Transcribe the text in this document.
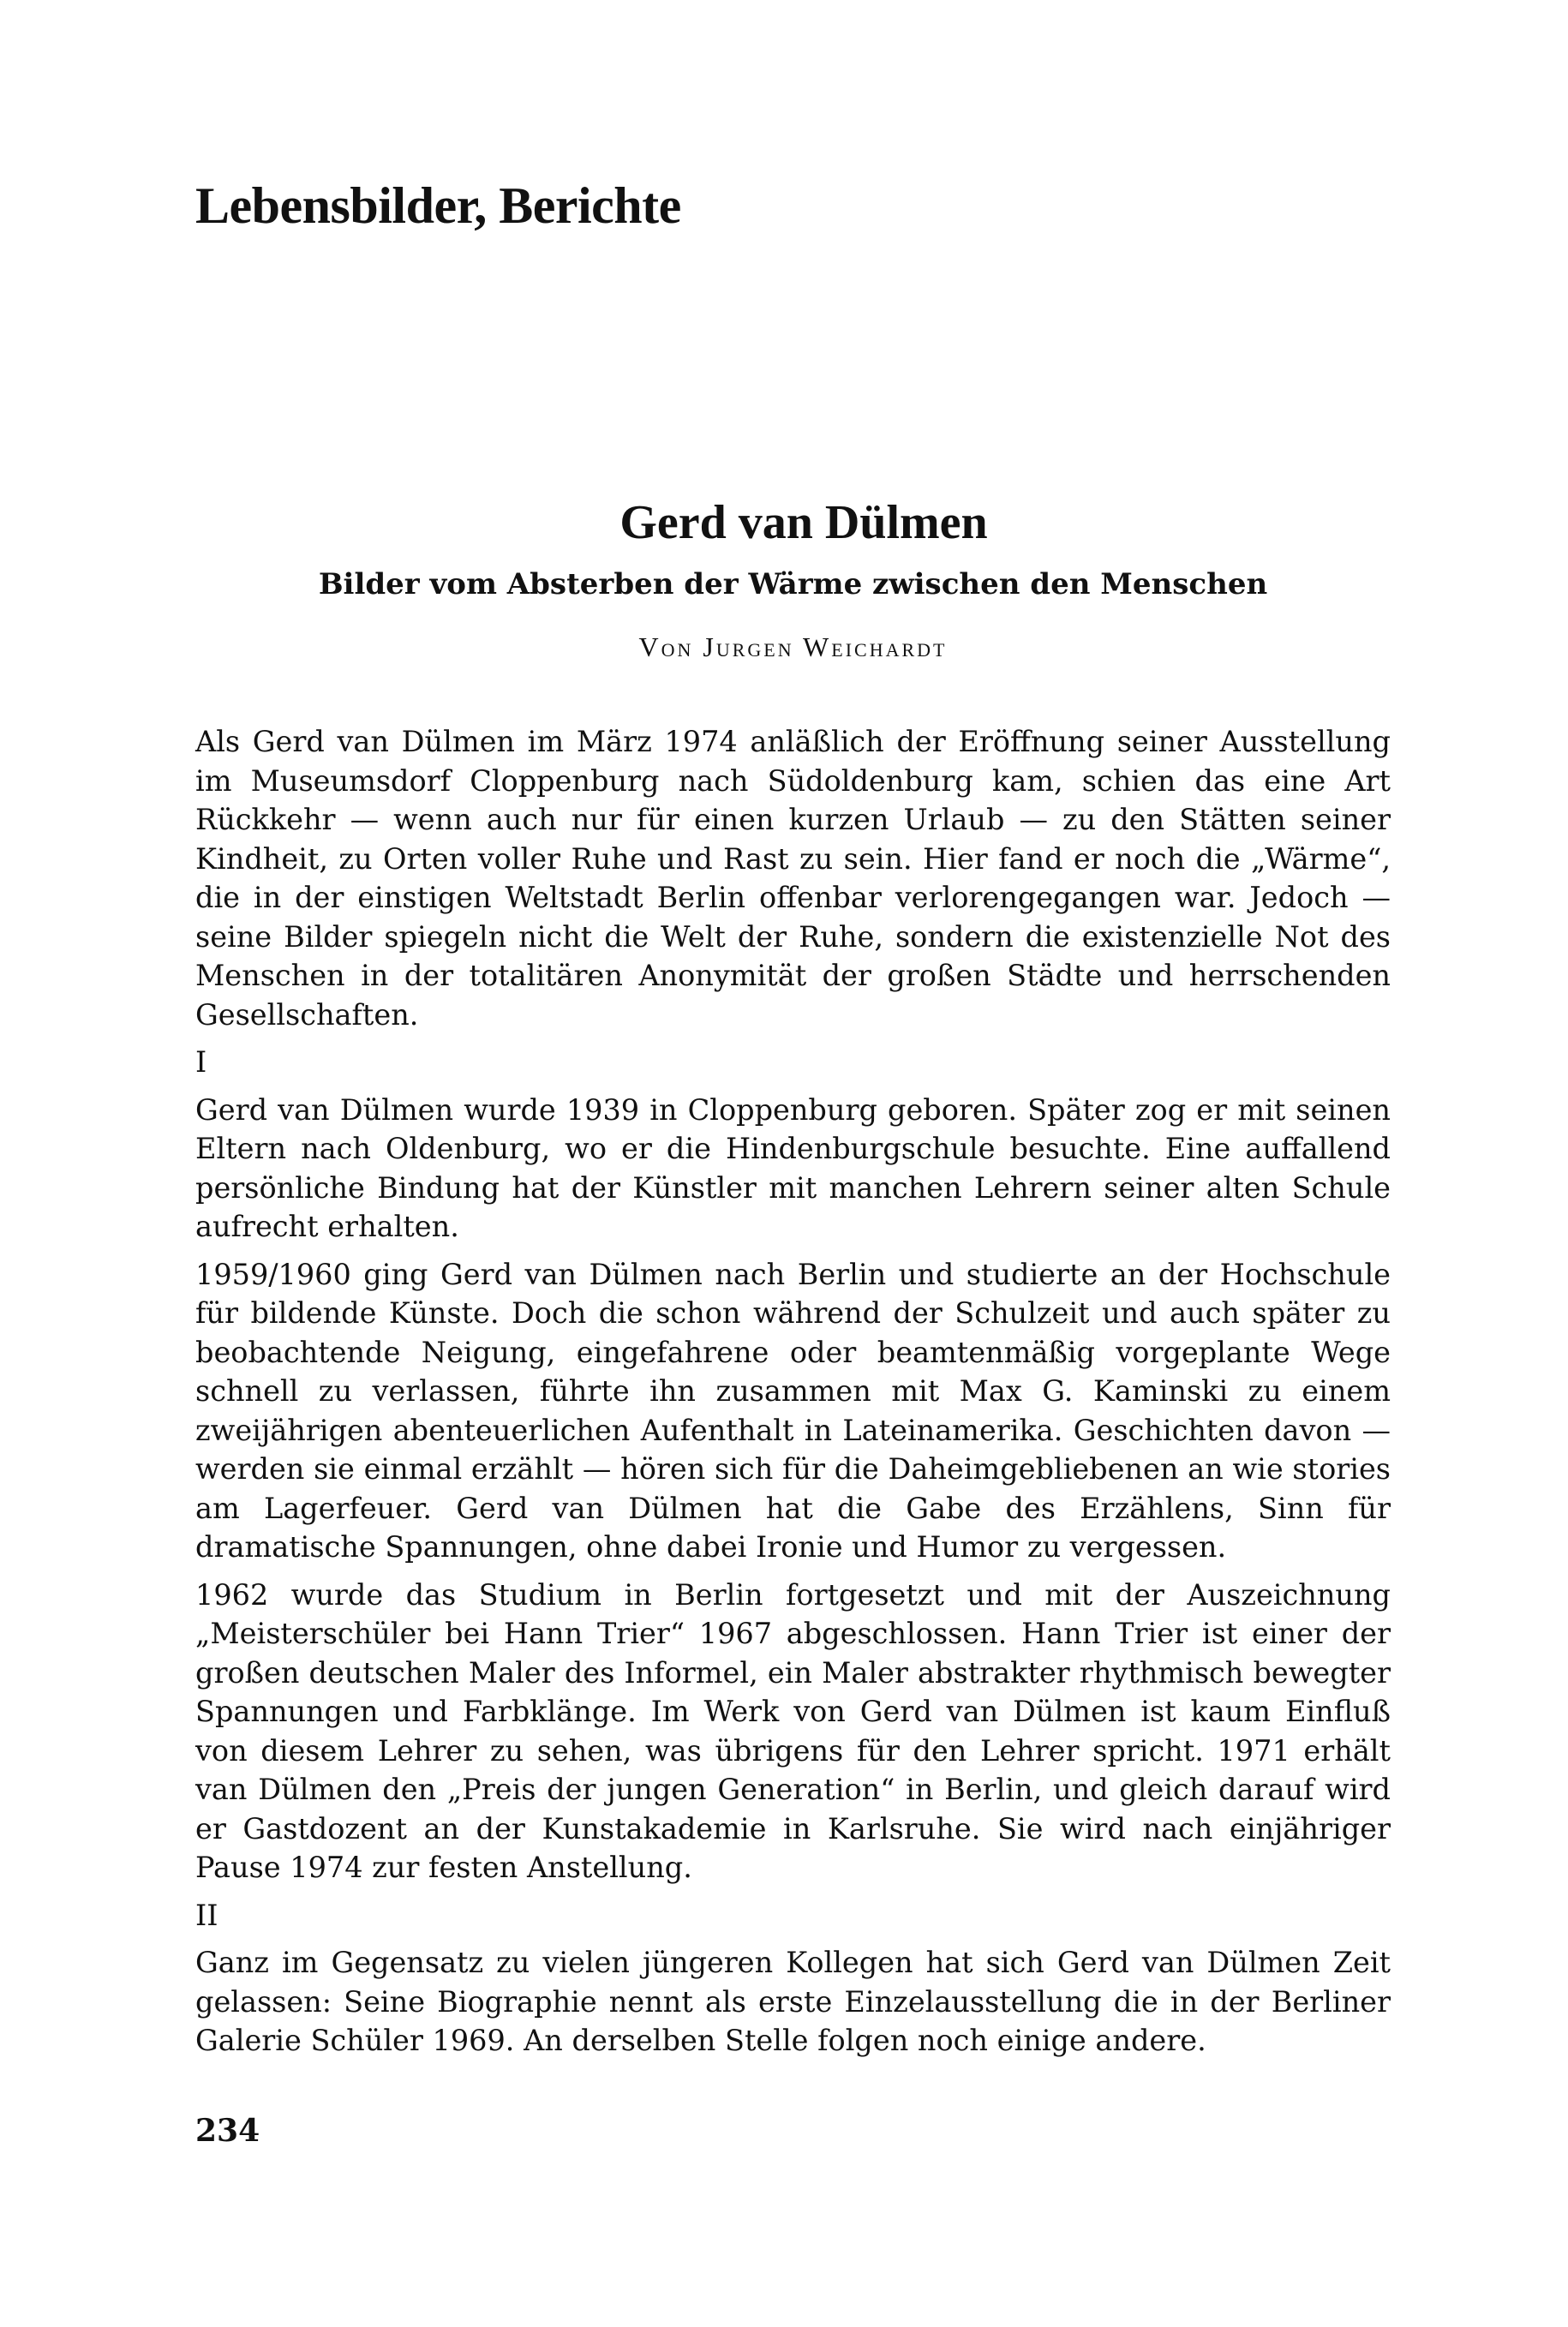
Lebensbilder, Berichte
Gerd van Dülmen

Bilder vom Absterben der Wärme zwischen den Menschen

Von Jurgen Weichardt

Als Gerd van Dülmen im März 1974 anläßlich der Eröffnung seiner Ausstellung im Museumsdorf Cloppenburg nach Südoldenburg kam, schien das eine Art Rückkehr — wenn auch nur für einen kurzen Urlaub — zu den Stätten seiner Kindheit, zu Orten voller Ruhe und Rast zu sein. Hier fand er noch die „Wärme“, die in der einstigen Weltstadt Berlin offenbar verlorengegangen war. Jedoch — seine Bilder spiegeln nicht die Welt der Ruhe, sondern die existenzielle Not des Menschen in der totalitären Anonymität der großen Städte und herrschenden Gesellschaften.

I

Gerd van Dülmen wurde 1939 in Cloppenburg geboren. Später zog er mit seinen Eltern nach Oldenburg, wo er die Hindenburgschule besuchte. Eine auffallend persönliche Bindung hat der Künstler mit manchen Lehrern seiner alten Schule aufrecht erhalten.

1959/1960 ging Gerd van Dülmen nach Berlin und studierte an der Hochschule für bildende Künste. Doch die schon während der Schulzeit und auch später zu beobachtende Neigung, eingefahrene oder beamtenmäßig vorgeplante Wege schnell zu verlassen, führte ihn zusammen mit Max G. Kaminski zu einem zweijährigen abenteuerlichen Aufenthalt in Lateinamerika. Geschichten davon — werden sie einmal erzählt — hören sich für die Daheimgebliebenen an wie stories am Lagerfeuer. Gerd van Dülmen hat die Gabe des Erzählens, Sinn für dramatische Spannungen, ohne dabei Ironie und Humor zu vergessen.

1962 wurde das Studium in Berlin fortgesetzt und mit der Auszeichnung „Meisterschüler bei Hann Trier“ 1967 abgeschlossen. Hann Trier ist einer der großen deutschen Maler des Informel, ein Maler abstrakter rhythmisch bewegter Spannungen und Farbklänge. Im Werk von Gerd van Dülmen ist kaum Einfluß von diesem Lehrer zu sehen, was übrigens für den Lehrer spricht. 1971 erhält van Dülmen den „Preis der jungen Generation“ in Berlin, und gleich darauf wird er Gastdozent an der Kunstakademie in Karlsruhe. Sie wird nach einjähriger Pause 1974 zur festen Anstellung.

II

Ganz im Gegensatz zu vielen jüngeren Kollegen hat sich Gerd van Dülmen Zeit gelassen: Seine Biographie nennt als erste Einzelausstellung die in der Berliner Galerie Schüler 1969. An derselben Stelle folgen noch einige andere.

234
